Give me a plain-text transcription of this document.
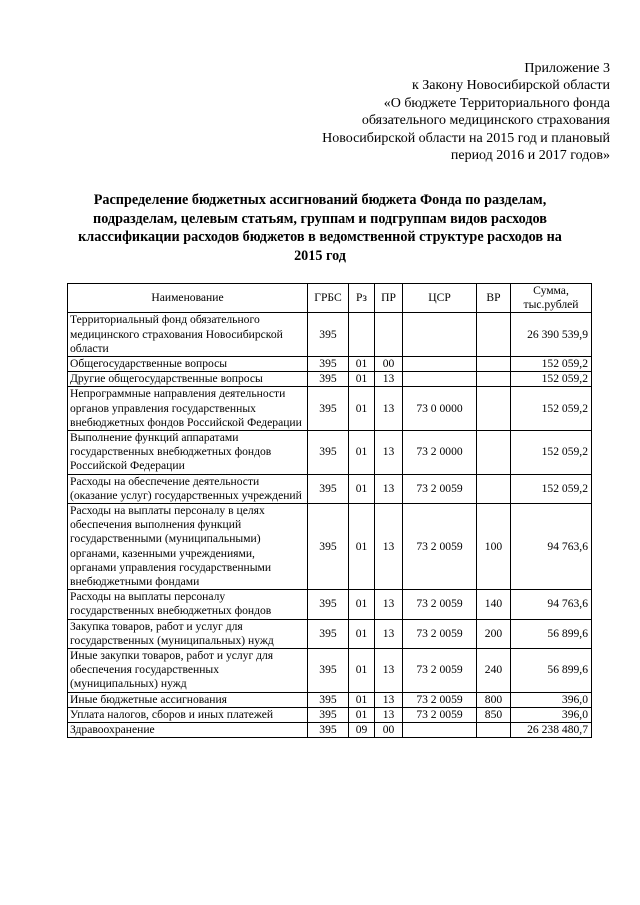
Приложение 3
к Закону Новосибирской области
«О бюджете Территориального фонда
обязательного медицинского страхования
Новосибирской области на 2015 год и плановый
период 2016 и 2017 годов»
Распределение бюджетных ассигнований бюджета Фонда по разделам, подразделам, целевым статьям, группам и подгруппам видов расходов классификации расходов бюджетов в ведомственной структуре расходов на 2015 год
Наименование	ГРБС	Рз	ПР	ЦСР	ВР	Сумма, тыс.рублей
Территориальный фонд обязательного медицинского страхования Новосибирской области	395					26 390 539,9
Общегосударственные вопросы	395	01	00			152 059,2
Другие общегосударственные вопросы	395	01	13			152 059,2
Непрограммные направления деятельности органов управления государственных внебюджетных фондов Российской Федерации	395	01	13	73 0 0000		152 059,2
Выполнение функций аппаратами государственных внебюджетных фондов Российской Федерации	395	01	13	73 2 0000		152 059,2
Расходы на обеспечение деятельности (оказание услуг) государственных учреждений	395	01	13	73 2 0059		152 059,2
Расходы на выплаты персоналу в целях обеспечения выполнения функций государственными (муниципальными) органами, казенными учреждениями, органами управления государственными внебюджетными фондами	395	01	13	73 2 0059	100	94 763,6
Расходы на выплаты персоналу государственных внебюджетных фондов	395	01	13	73 2 0059	140	94 763,6
Закупка товаров, работ и услуг для государственных (муниципальных) нужд	395	01	13	73 2 0059	200	56 899,6
Иные закупки товаров, работ и услуг для обеспечения государственных (муниципальных) нужд	395	01	13	73 2 0059	240	56 899,6
Иные бюджетные ассигнования	395	01	13	73 2 0059	800	396,0
Уплата налогов, сборов и иных платежей	395	01	13	73 2 0059	850	396,0
Здравоохранение	395	09	00			26 238 480,7
